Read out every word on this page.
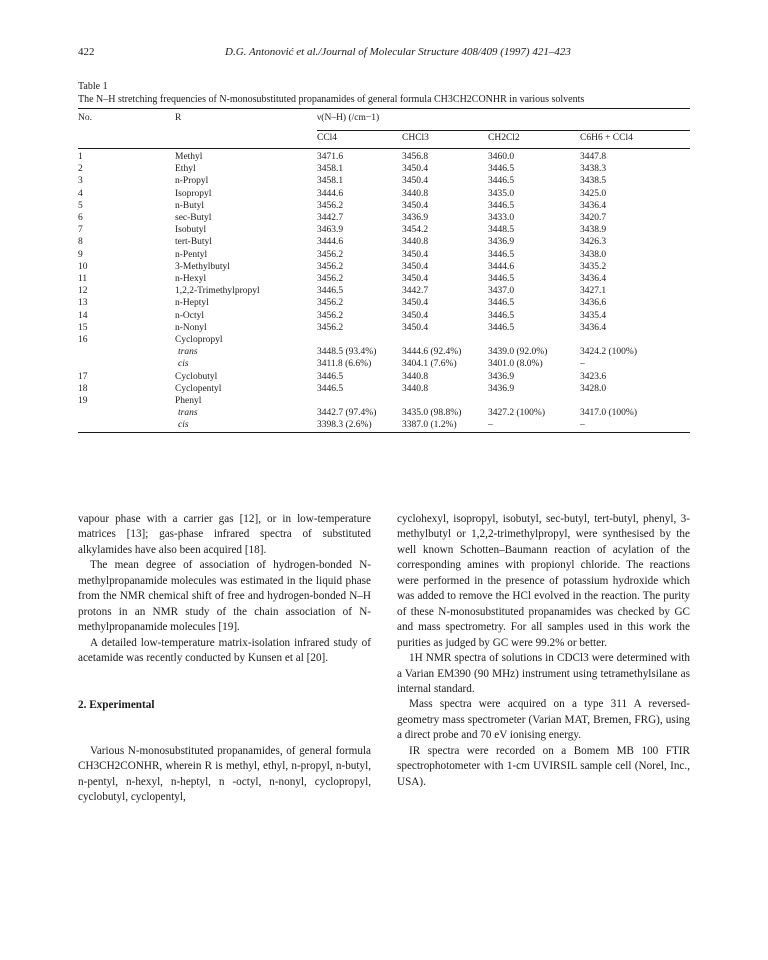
422	D.G. Antonović et al./Journal of Molecular Structure 408/409 (1997) 421–423
Table 1
The N–H stretching frequencies of N-monosubstituted propanamides of general formula CH3CH2CONHR in various solvents
No.	R	ν(N–H) (/cm−1)			
		CCl4	CHCl3	CH2Cl2	C6H6 + CCl4

1	Methyl	3471.6	3456.8	3460.0	3447.8
2	Ethyl	3458.1	3450.4	3446.5	3438.3
3	n-Propyl	3458.1	3450.4	3446.5	3438.5
4	Isopropyl	3444.6	3440.8	3435.0	3425.0
5	n-Butyl	3456.2	3450.4	3446.5	3436.4
6	sec-Butyl	3442.7	3436.9	3433.0	3420.7
7	Isobutyl	3463.9	3454.2	3448.5	3438.9
8	tert-Butyl	3444.6	3440.8	3436.9	3426.3
9	n-Pentyl	3456.2	3450.4	3446.5	3438.0
10	3-Methylbutyl	3456.2	3450.4	3444.6	3435.2
11	n-Hexyl	3456.2	3450.4	3446.5	3436.4
12	1,2,2-Trimethylpropyl	3446.5	3442.7	3437.0	3427.1
13	n-Heptyl	3456.2	3450.4	3446.5	3436.6
14	n-Octyl	3456.2	3450.4	3446.5	3435.4
15	n-Nonyl	3456.2	3450.4	3446.5	3436.4
16	Cyclopropyl				
	trans	3448.5 (93.4%)	3444.6 (92.4%)	3439.0 (92.0%)	3424.2 (100%)
	cis	3411.8 (6.6%)	3404.1 (7.6%)	3401.0 (8.0%)	–
17	Cyclobutyl	3446.5	3440.8	3436.9	3423.6
18	Cyclopentyl	3446.5	3440.8	3436.9	3428.0
19	Phenyl				
	trans	3442.7 (97.4%)	3435.0 (98.8%)	3427.2 (100%)	3417.0 (100%)
	cis	3398.3 (2.6%)	3387.0 (1.2%)	–	–

vapour phase with a carrier gas [12], or in low-temperature matrices [13]; gas-phase infrared spectra of substituted alkylamides have also been acquired [18].

The mean degree of association of hydrogen-bonded N-methylpropanamide molecules was estimated in the liquid phase from the NMR chemical shift of free and hydrogen-bonded N–H protons in an NMR study of the chain association of N-methylpropanamide molecules [19].

A detailed low-temperature matrix-isolation infrared study of acetamide was recently conducted by Kunsen et al [20].

2. Experimental

Various N-monosubstituted propanamides, of general formula CH3CH2CONHR, wherein R is methyl, ethyl, n-propyl, n-butyl, n-pentyl, n-hexyl, n-heptyl, n -octyl, n-nonyl, cyclopropyl, cyclobutyl, cyclopentyl,

cyclohexyl, isopropyl, isobutyl, sec-butyl, tert-butyl, phenyl, 3-methylbutyl or 1,2,2-trimethylpropyl, were synthesised by the well known Schotten–Baumann reaction of acylation of the corresponding amines with propionyl chloride. The reactions were performed in the presence of potassium hydroxide which was added to remove the HCl evolved in the reaction. The purity of these N-monosubstituted propanamides was checked by GC and mass spectrometry. For all samples used in this work the purities as judged by GC were 99.2% or better.

1H NMR spectra of solutions in CDCl3 were determined with a Varian EM390 (90 MHz) instrument using tetramethylsilane as internal standard.

Mass spectra were acquired on a type 311 A reversed-geometry mass spectrometer (Varian MAT, Bremen, FRG), using a direct probe and 70 eV ionising energy.

IR spectra were recorded on a Bomem MB 100 FTIR spectrophotometer with 1-cm UVIRSIL sample cell (Norel, Inc., USA).
